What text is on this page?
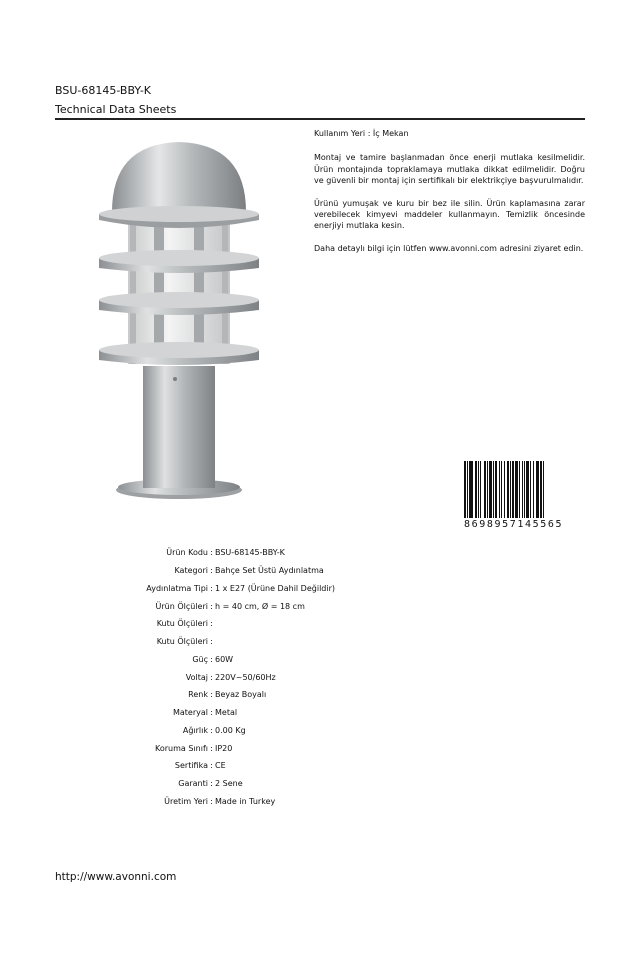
BSU-68145-BBY-K
Technical Data Sheets

Kullanım Yeri : İç Mekan

Montaj ve tamire başlanmadan önce enerji mutlaka kesilmelidir. Ürün montajında topraklamaya mutlaka dikkat edilmelidir. Doğru ve güvenli bir montaj için sertifikalı bir elektrikçiye başvurulmalıdır.

Ürünü yumuşak ve kuru bir bez ile silin. Ürün kaplamasına zarar verebilecek kimyevi maddeler kullanmayın. Temizlik öncesinde enerjiyi mutlaka kesin.

Daha detaylı bilgi için lütfen www.avonni.com adresini ziyaret edin.

8698957145565
Ürün Kodu : BSU-68145-BBY-K
Kategori : Bahçe Set Üstü Aydınlatma
Aydınlatma Tipi : 1 x E27 (Ürüne Dahil Değildir)
Ürün Ölçüleri : h = 40 cm, Ø = 18 cm
Kutu Ölçüleri :
Kutu Ölçüleri :
Güç : 60W
Voltaj : 220V~50/60Hz
Renk : Beyaz Boyalı
Materyal : Metal
Ağırlık : 0.00 Kg
Koruma Sınıfı : IP20
Sertifika : CE
Garanti : 2 Sene
Üretim Yeri : Made in Turkey
http://www.avonni.com
